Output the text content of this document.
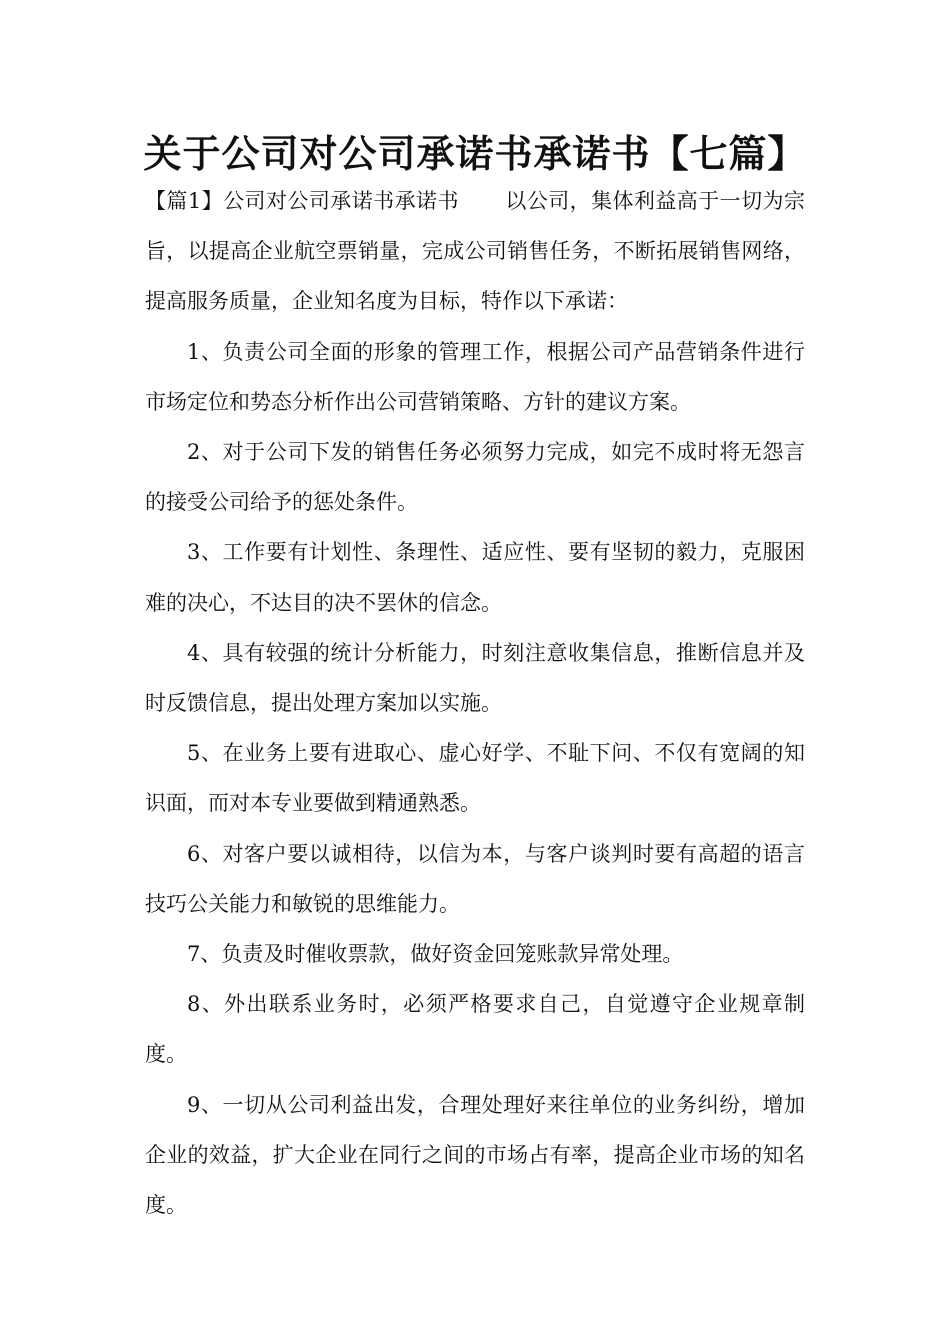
关于公司对公司承诺书承诺书【七篇】

【篇1】公司对公司承诺书承诺书 以公司，集体利益高于一切为宗旨，以提高企业航空票销量，完成公司销售任务，不断拓展销售网络，提高服务质量，企业知名度为目标，特作以下承诺：

1、负责公司全面的形象的管理工作，根据公司产品营销条件进行市场定位和势态分析作出公司营销策略、方针的建议方案。

2、对于公司下发的销售任务必须努力完成，如完不成时将无怨言的接受公司给予的惩处条件。

3、工作要有计划性、条理性、适应性、要有坚韧的毅力，克服困难的决心，不达目的决不罢休的信念。

4、具有较强的统计分析能力，时刻注意收集信息，推断信息并及时反馈信息，提出处理方案加以实施。

5、在业务上要有进取心、虚心好学、不耻下问、不仅有宽阔的知识面，而对本专业要做到精通熟悉。

6、对客户要以诚相待，以信为本，与客户谈判时要有高超的语言技巧公关能力和敏锐的思维能力。

7、负责及时催收票款，做好资金回笼账款异常处理。

8、外出联系业务时，必须严格要求自己，自觉遵守企业规章制度。

9、一切从公司利益出发，合理处理好来往单位的业务纠纷，增加企业的效益，扩大企业在同行之间的市场占有率，提高企业市场的知名度。
